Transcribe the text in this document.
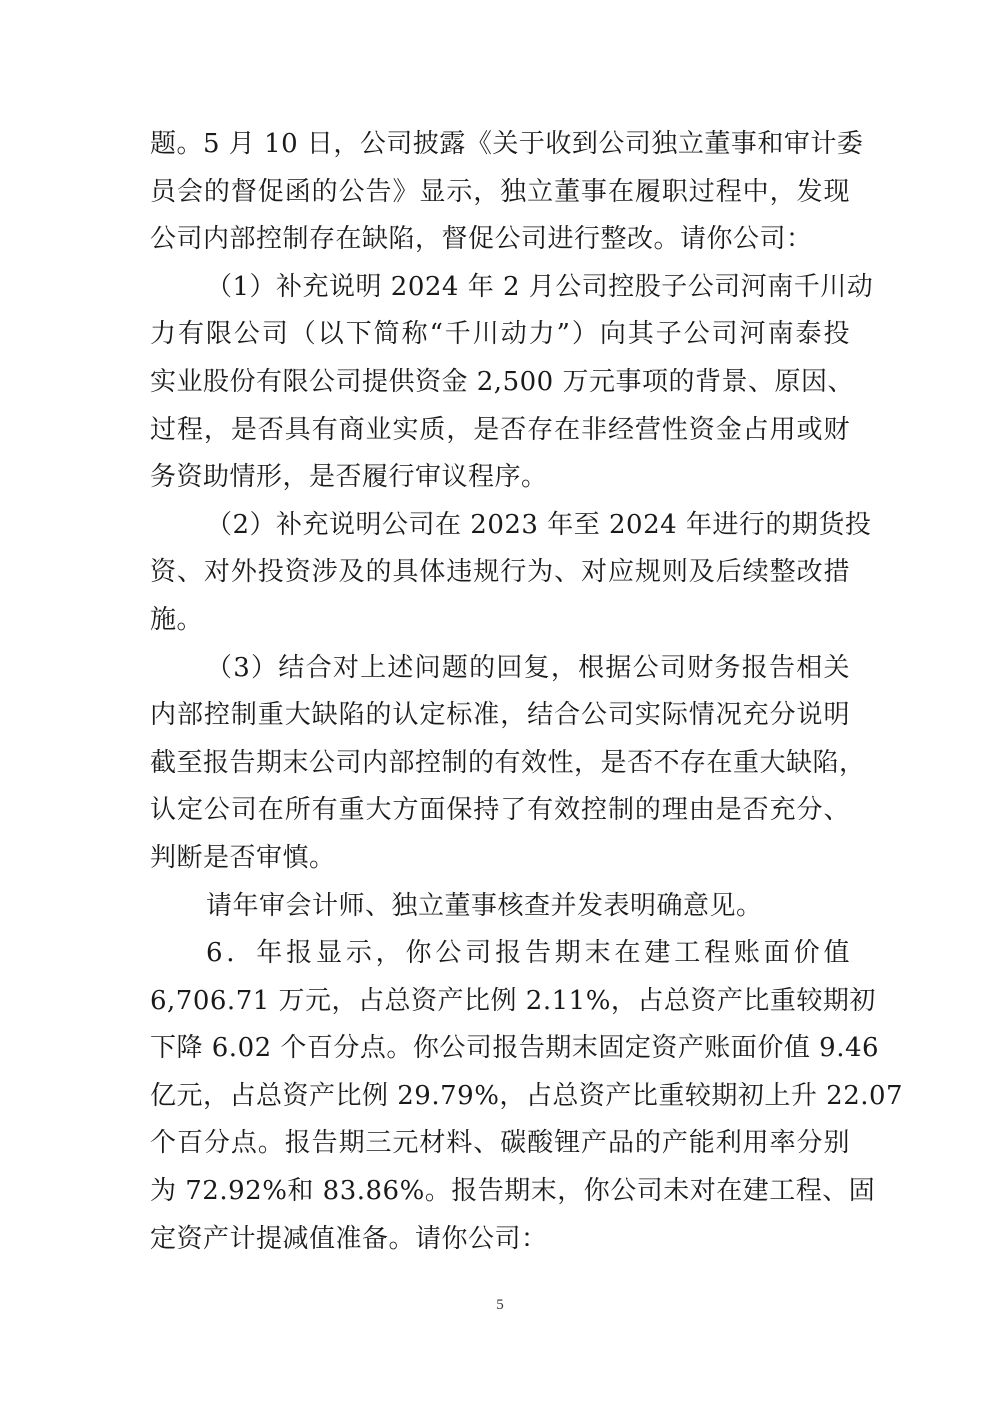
题。5 月 10 日，公司披露《关于收到公司独立董事和审计委
员会的督促函的公告》显示，独立董事在履职过程中，发现
公司内部控制存在缺陷，督促公司进行整改。请你公司：
（1）补充说明 2024 年 2 月公司控股子公司河南千川动
力有限公司（以下简称“千川动力”）向其子公司河南泰投
实业股份有限公司提供资金 2,500 万元事项的背景、原因、
过程，是否具有商业实质，是否存在非经营性资金占用或财
务资助情形，是否履行审议程序。
（2）补充说明公司在 2023 年至 2024 年进行的期货投
资、对外投资涉及的具体违规行为、对应规则及后续整改措
施。
（3）结合对上述问题的回复，根据公司财务报告相关
内部控制重大缺陷的认定标准，结合公司实际情况充分说明
截至报告期末公司内部控制的有效性，是否不存在重大缺陷，
认定公司在所有重大方面保持了有效控制的理由是否充分、
判断是否审慎。
请年审会计师、独立董事核查并发表明确意见。
6．年报显示，你公司报告期末在建工程账面价值
6,706.71 万元，占总资产比例 2.11%，占总资产比重较期初
下降 6.02 个百分点。你公司报告期末固定资产账面价值 9.46
亿元，占总资产比例 29.79%，占总资产比重较期初上升 22.07
个百分点。报告期三元材料、碳酸锂产品的产能利用率分别
为 72.92%和 83.86%。报告期末，你公司未对在建工程、固
定资产计提减值准备。请你公司：
5
